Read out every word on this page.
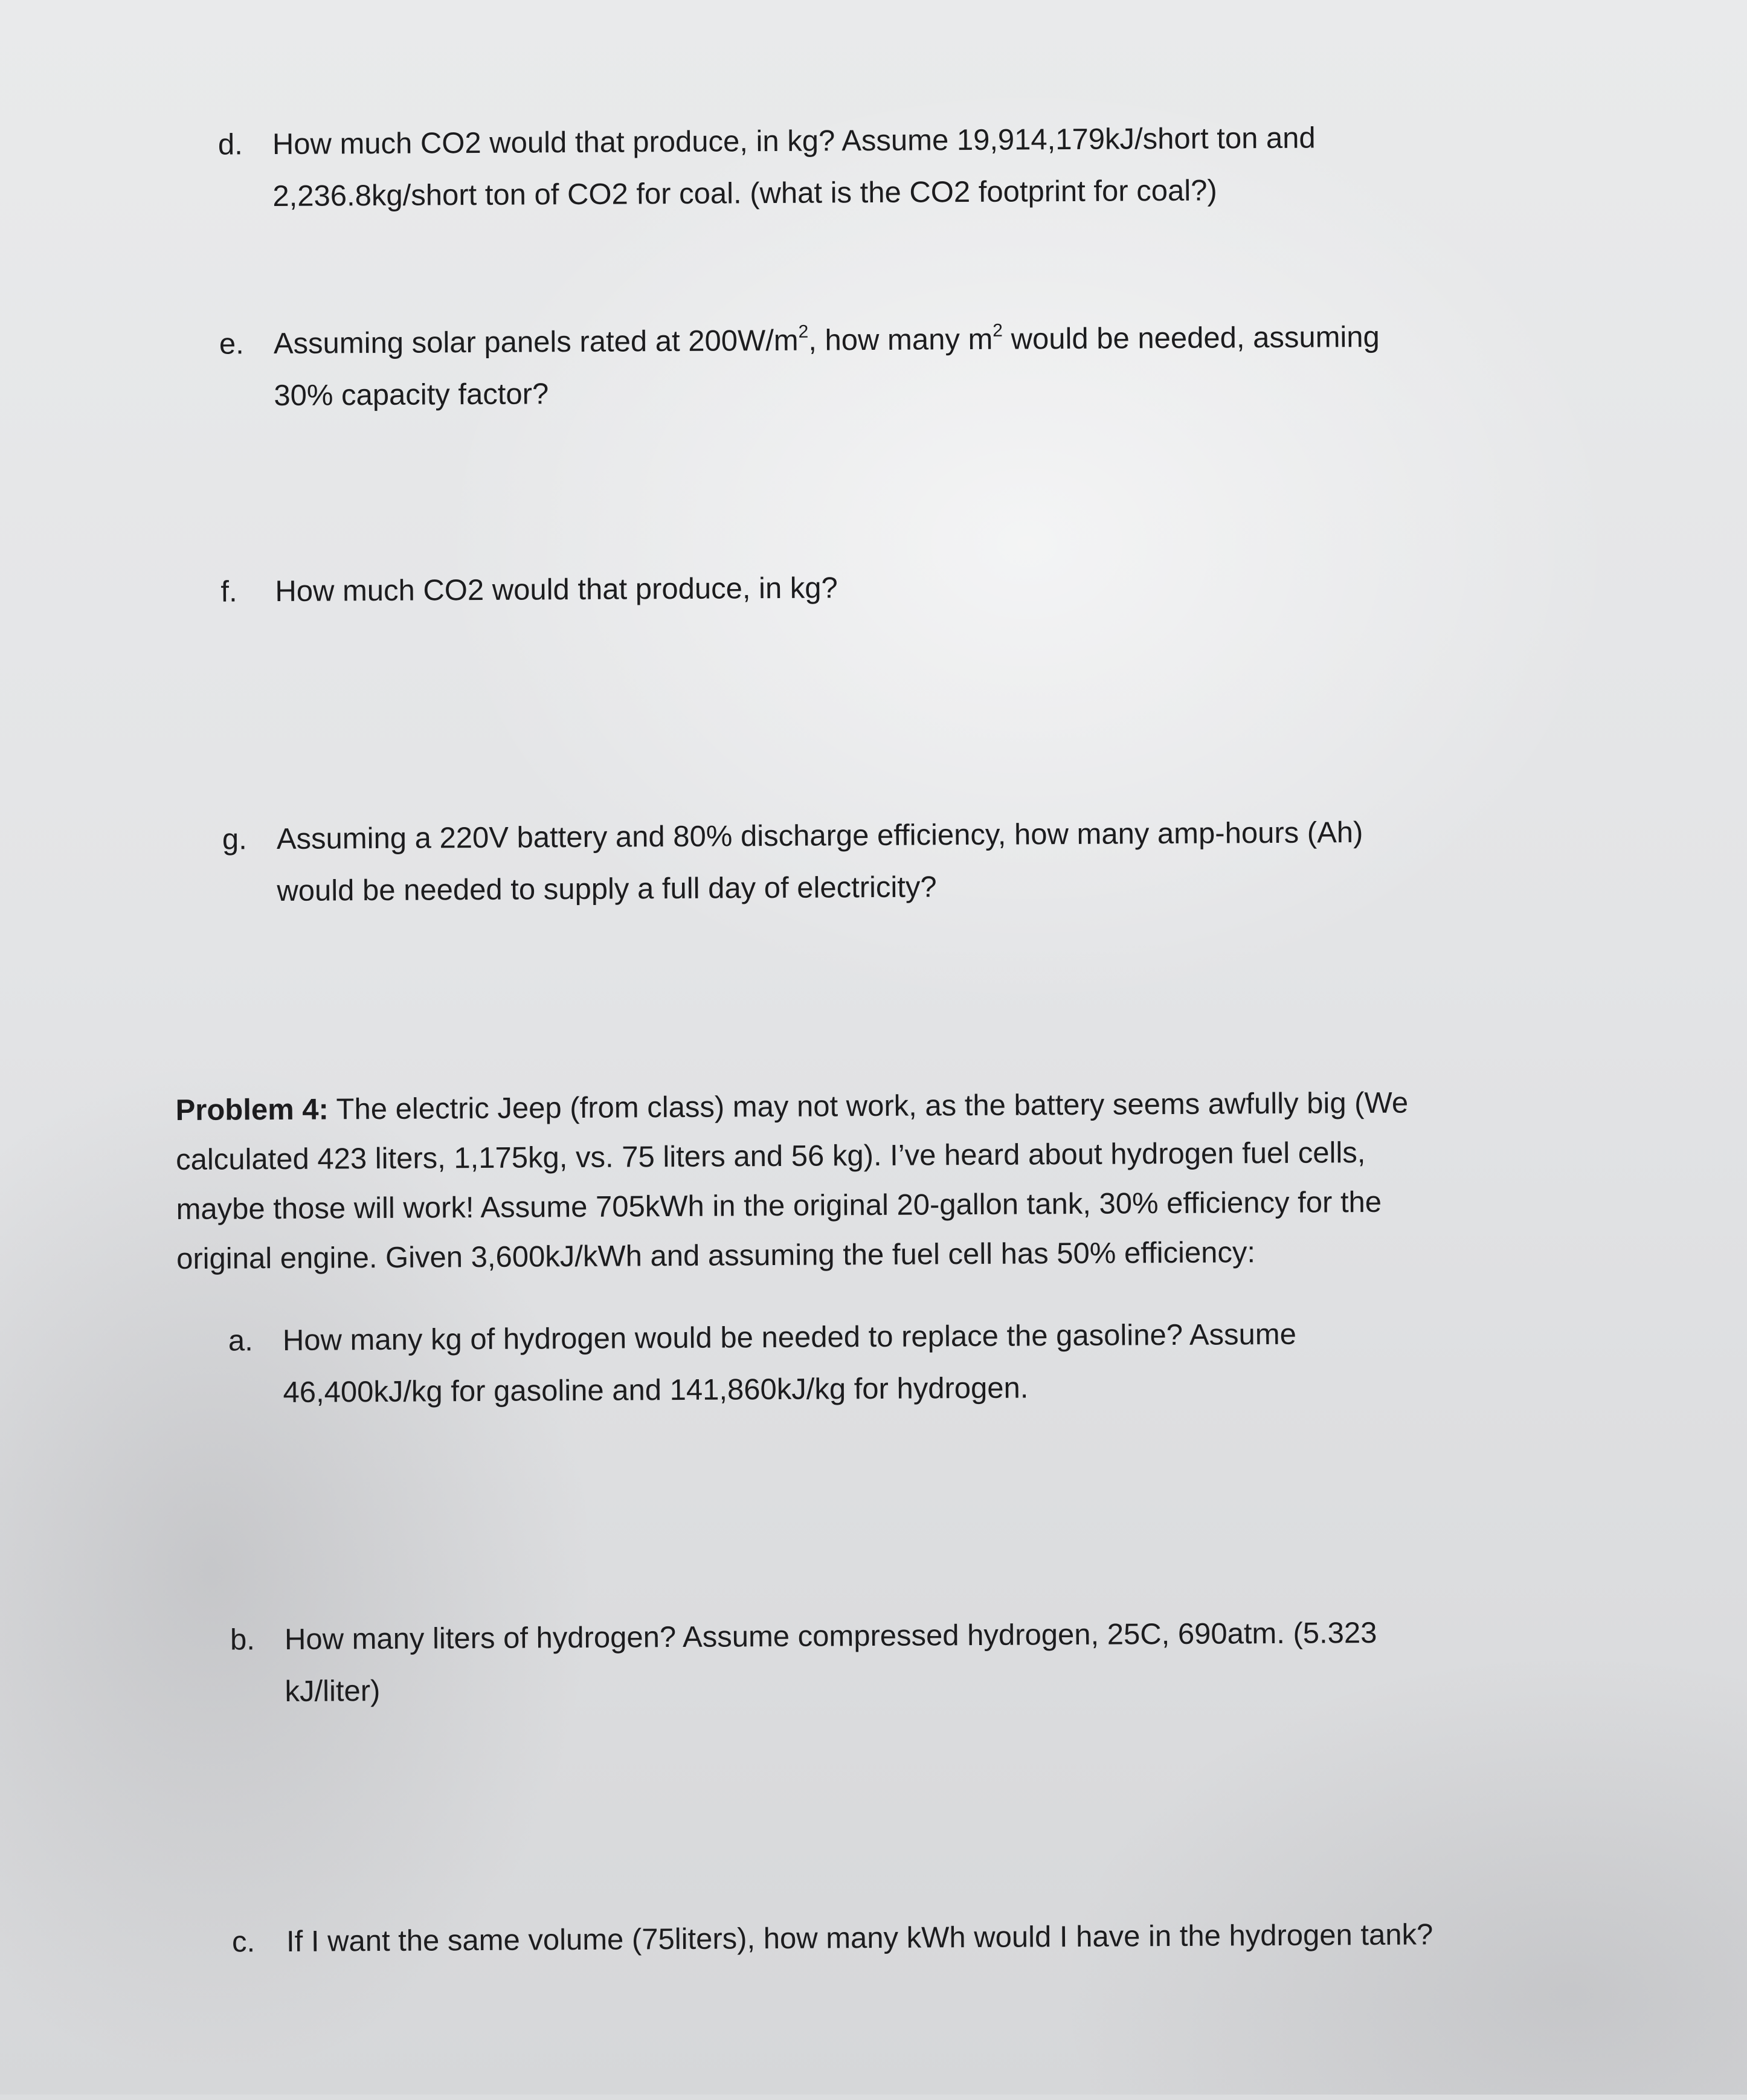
d. How much CO2 would that produce, in kg? Assume 19,914,179kJ/short ton and
2,236.8kg/short ton of CO2 for coal. (what is the CO2 footprint for coal?)
e. Assuming solar panels rated at $200W/m^2$, how many $m^2$ would be needed, assuming
30% capacity factor?
f. How much CO2 would that produce, in kg?
g. Assuming a 220V battery and 80% discharge efficiency, how many amp-hours (Ah)
would be needed to supply a full day of electricity?
Problem 4: The electric Jeep (from class) may not work, as the battery seems awfully big (We
calculated 423 liters, 1,175kg, vs. 75 liters and 56 kg). I’ve heard about hydrogen fuel cells,
maybe those will work! Assume 705kWh in the original 20-gallon tank, 30% efficiency for the
original engine. Given 3,600kJ/kWh and assuming the fuel cell has 50% efficiency:
a. How many kg of hydrogen would be needed to replace the gasoline? Assume
46,400kJ/kg for gasoline and 141,860kJ/kg for hydrogen.
b. How many liters of hydrogen? Assume compressed hydrogen, 25C, 690atm. (5.323
kJ/liter)
c. If I want the same volume (75liters), how many kWh would I have in the hydrogen tank?
